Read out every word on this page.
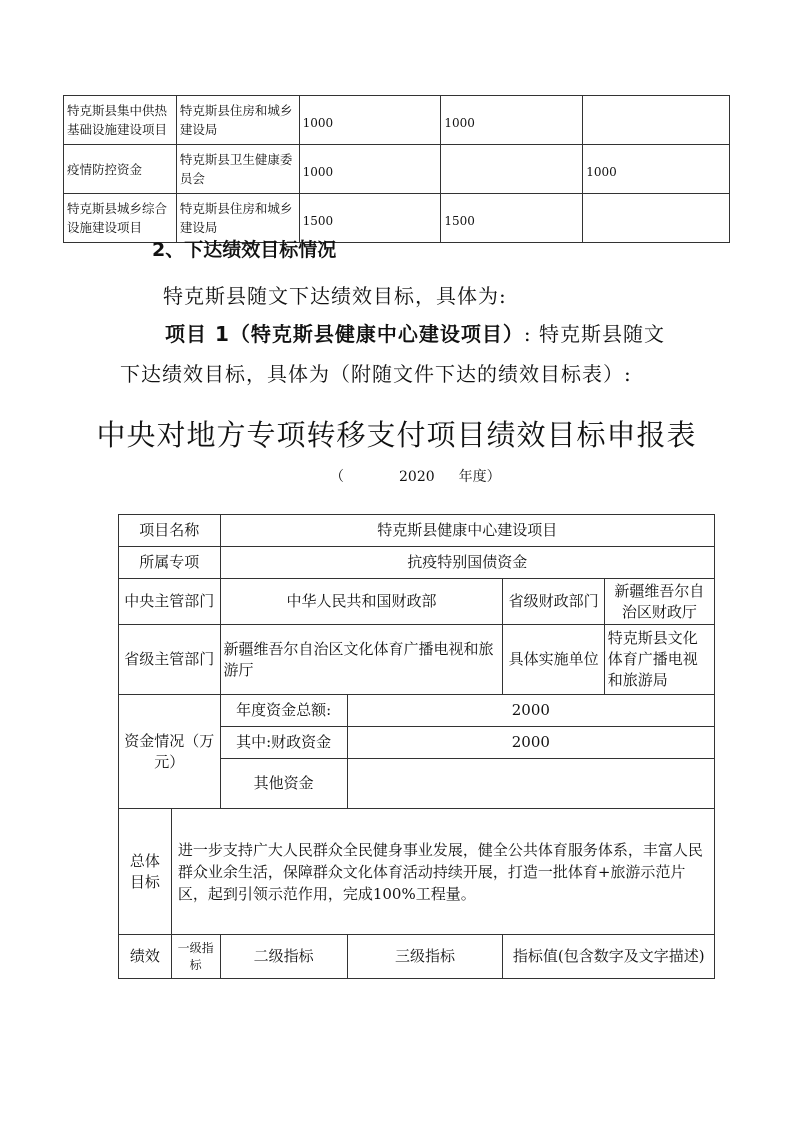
特克斯县集中供热基础设施建设项目	特克斯县住房和城乡建设局	1000	1000	
疫情防控资金	特克斯县卫生健康委员会	1000		1000
特克斯县城乡综合设施建设项目	特克斯县住房和城乡建设局	1500	1500	
2、下达绩效目标情况
特克斯县随文下达绩效目标，具体为:
项目 1（特克斯县健康中心建设项目）: 特克斯县随文
下达绩效目标，具体为（附随文件下达的绩效目标表）:
中央对地方专项转移支付项目绩效目标申报表
（	2020 年度）
项目名称		特克斯县健康中心建设项目			
所属专项		抗疫特别国债资金			
中央主管部门		中华人民共和国财政部		省级财政部门	新疆维吾尔自治区财政厅
省级主管部门		新疆维吾尔自治区文化体育广播电视和旅游厅		具体实施单位	特克斯县文化体育广播电视和旅游局
资金情况（万元）		年度资金总额:	2000		
		其中:财政资金	2000		
		其他资金			
总体目标	进一步支持广大人民群众全民健身事业发展，健全公共体育服务体系，丰富人民群众业余生活，保障群众文化体育活动持续开展，打造一批体育+旅游示范片区，起到引领示范作用，完成100%工程量。				
绩效	一级指标	二级指标	三级指标	指标值(包含数字及文字描述)	
